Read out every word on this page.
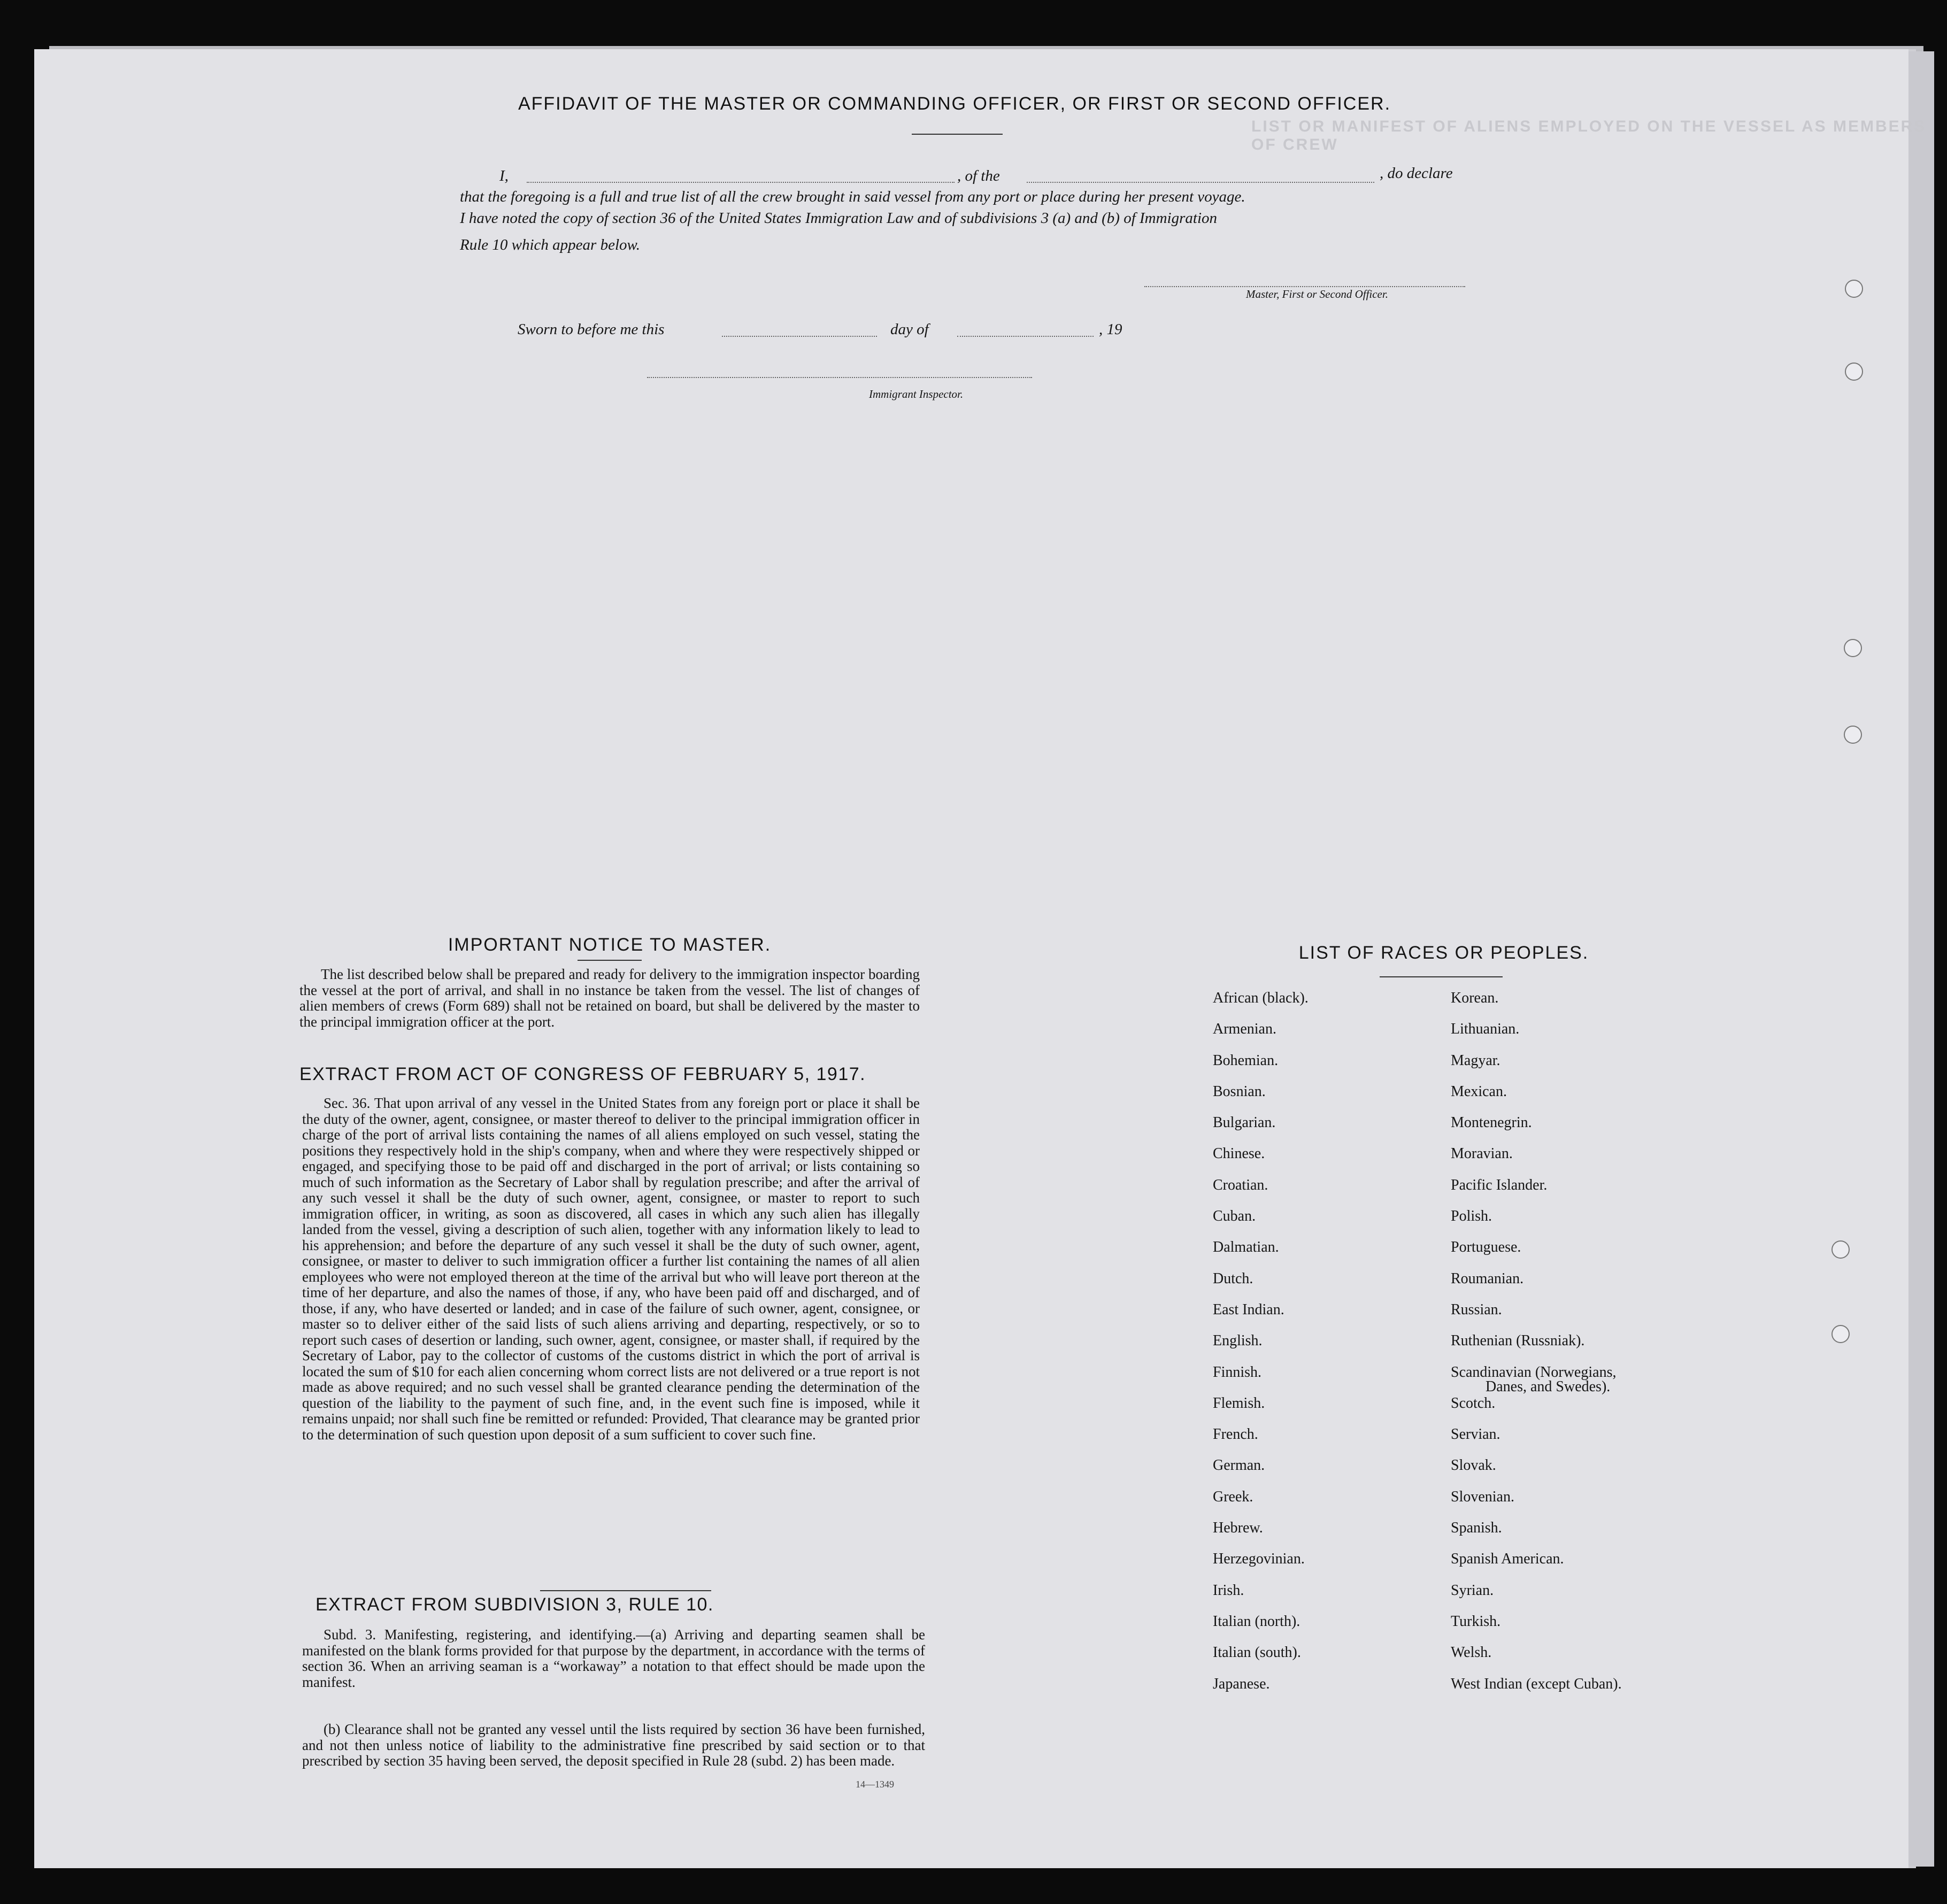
LIST OR MANIFEST OF ALIENS EMPLOYED ON THE VESSEL AS MEMBERS OF CREW
AFFIDAVIT OF THE MASTER OR COMMANDING OFFICER, OR FIRST OR SECOND OFFICER.
I,	, of the	, do declare
that the foregoing is a full and true list of all the crew brought in said vessel from any port or place during her present voyage.
I have noted the copy of section 36 of the United States Immigration Law and of subdivisions 3 (a) and (b) of Immigration
Rule 10 which appear below.
Master, First or Second Officer.
Sworn to before me this	day of	, 19
Immigrant Inspector.
IMPORTANT NOTICE TO MASTER.
The list described below shall be prepared and ready for delivery to the immigration inspector boarding the vessel at the port of arrival, and shall in no instance be taken from the vessel. The list of changes of alien members of crews (Form 689) shall not be retained on board, but shall be delivered by the master to the principal immigration officer at the port.
EXTRACT FROM ACT OF CONGRESS OF FEBRUARY 5, 1917.
Sec. 36. That upon arrival of any vessel in the United States from any foreign port or place it shall be the duty of the owner, agent, consignee, or master thereof to deliver to the principal immigration officer in charge of the port of arrival lists containing the names of all aliens employed on such vessel, stating the positions they respectively hold in the ship's company, when and where they were respectively shipped or engaged, and specifying those to be paid off and discharged in the port of arrival; or lists containing so much of such information as the Secretary of Labor shall by regulation prescribe; and after the arrival of any such vessel it shall be the duty of such owner, agent, consignee, or master to report to such immigration officer, in writing, as soon as discovered, all cases in which any such alien has illegally landed from the vessel, giving a description of such alien, together with any information likely to lead to his apprehension; and before the departure of any such vessel it shall be the duty of such owner, agent, consignee, or master to deliver to such immigration officer a further list containing the names of all alien employees who were not employed thereon at the time of the arrival but who will leave port thereon at the time of her departure, and also the names of those, if any, who have been paid off and discharged, and of those, if any, who have deserted or landed; and in case of the failure of such owner, agent, consignee, or master so to deliver either of the said lists of such aliens arriving and departing, respectively, or so to report such cases of desertion or landing, such owner, agent, consignee, or master shall, if required by the Secretary of Labor, pay to the collector of customs of the customs district in which the port of arrival is located the sum of $10 for each alien concerning whom correct lists are not delivered or a true report is not made as above required; and no such vessel shall be granted clearance pending the determination of the question of the liability to the payment of such fine, and, in the event such fine is imposed, while it remains unpaid; nor shall such fine be remitted or refunded: Provided, That clearance may be granted prior to the determination of such question upon deposit of a sum sufficient to cover such fine.
EXTRACT FROM SUBDIVISION 3, RULE 10.
Subd. 3. Manifesting, registering, and identifying.—(a) Arriving and departing seamen shall be manifested on the blank forms provided for that purpose by the department, in accordance with the terms of section 36. When an arriving seaman is a “workaway” a notation to that effect should be made upon the manifest.
(b) Clearance shall not be granted any vessel until the lists required by section 36 have been furnished, and not then unless notice of liability to the administrative fine prescribed by said section or to that prescribed by section 35 having been served, the deposit specified in Rule 28 (subd. 2) has been made.
14—1349
LIST OF RACES OR PEOPLES.
African (black).	Korean.
Armenian.	Lithuanian.
Bohemian.	Magyar.
Bosnian.	Mexican.
Bulgarian.	Montenegrin.
Chinese.	Moravian.
Croatian.	Pacific Islander.
Cuban.	Polish.
Dalmatian.	Portuguese.
Dutch.	Roumanian.
East Indian.	Russian.
English.	Ruthenian (Russniak).
Finnish.	Scandinavian (Norwegians,
Danes, and Swedes).
Flemish.	Scotch.
French.	Servian.
German.	Slovak.
Greek.	Slovenian.
Hebrew.	Spanish.
Herzegovinian.	Spanish American.
Irish.	Syrian.
Italian (north).	Turkish.
Italian (south).	Welsh.
Japanese.	West Indian (except Cuban).
